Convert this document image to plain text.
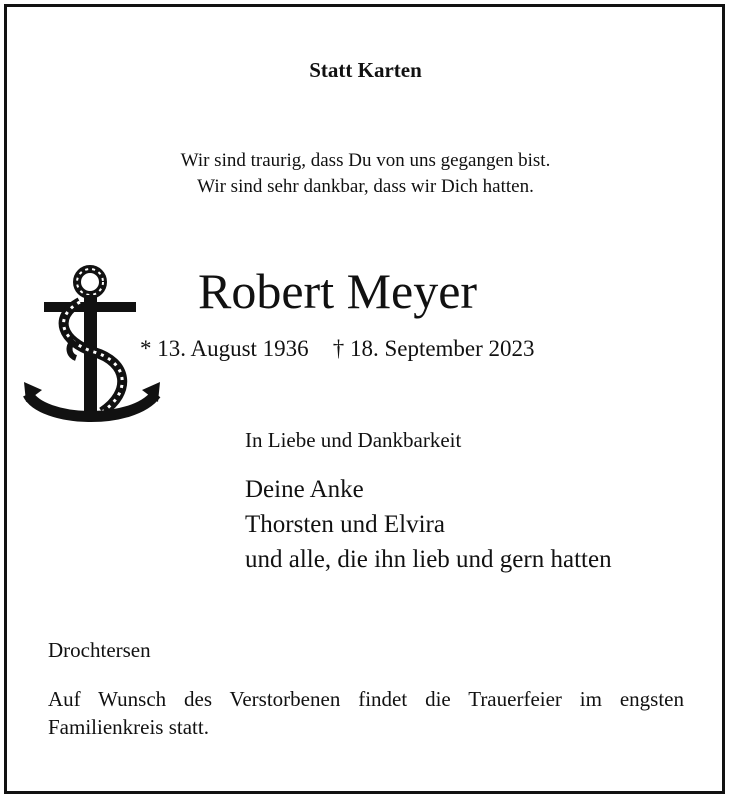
Statt Karten
Wir sind traurig, dass Du von uns gegangen bist.
Wir sind sehr dankbar, dass wir Dich hatten.
Robert Meyer
* 13. August 1936 † 18. September 2023
In Liebe und Dankbarkeit
Deine Anke
Thorsten und Elvira
und alle, die ihn lieb und gern hatten
Drochtersen
Auf Wunsch des Verstorbenen findet die Trauerfeier im engsten Familienkreis statt.
